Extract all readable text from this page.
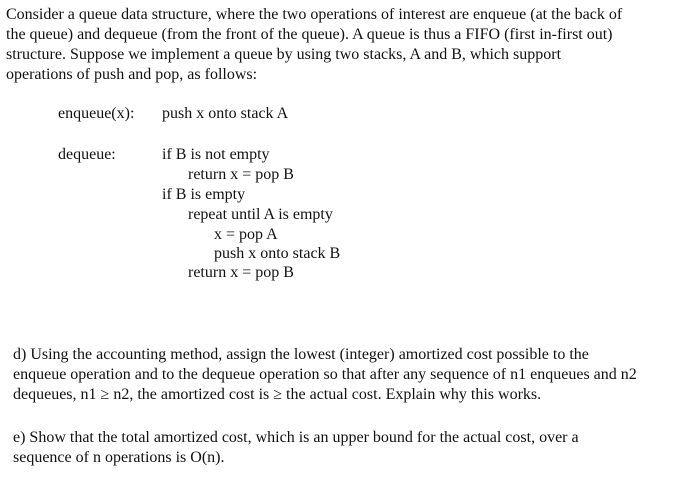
Consider a queue data structure, where the two operations of interest are enqueue (at the back of
the queue) and dequeue (from the front of the queue). A queue is thus a FIFO (first in-first out)
structure. Suppose we implement a queue by using two stacks, A and B, which support
operations of push and pop, as follows:

enqueue(x): push x onto stack A
dequeue:	if B is not empty
return x = pop B
if B is empty
repeat until A is empty
x = pop A
push x onto stack B
return x = pop B

d) Using the accounting method, assign the lowest (integer) amortized cost possible to the
enqueue operation and to the dequeue operation so that after any sequence of n1 enqueues and n2
dequeues, n1 ≥ n2, the amortized cost is ≥ the actual cost. Explain why this works.

e) Show that the total amortized cost, which is an upper bound for the actual cost, over a
sequence of n operations is O(n).
